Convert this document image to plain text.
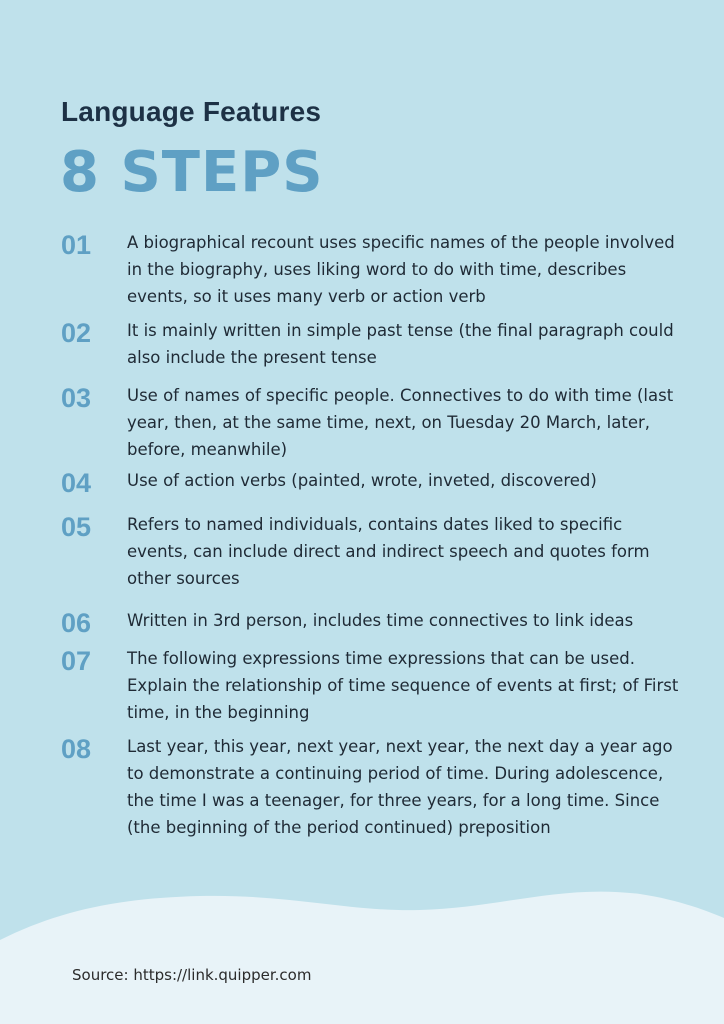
Language Features
8 STEPS
01 A biographical recount uses specific names of the people involved in the biography, uses liking word to do with time, describes events, so it uses many verb or action verb
02 It is mainly written in simple past tense (the final paragraph could also include the present tense
03 Use of names of specific people. Connectives to do with time (last year, then, at the same time, next, on Tuesday 20 March, later, before, meanwhile)
04 Use of action verbs (painted, wrote, inveted, discovered)
05 Refers to named individuals, contains dates liked to specific events, can include direct and indirect speech and quotes form other sources
06 Written in 3rd person, includes time connectives to link ideas
07 The following expressions time expressions that can be used. Explain the relationship of time sequence of events at first; of First time, in the beginning
08 Last year, this year, next year, next year, the next day a year ago to demonstrate a continuing period of time. During adolescence, the time I was a teenager, for three years, for a long time. Since (the beginning of the period continued) preposition
Source: https://link.quipper.com
